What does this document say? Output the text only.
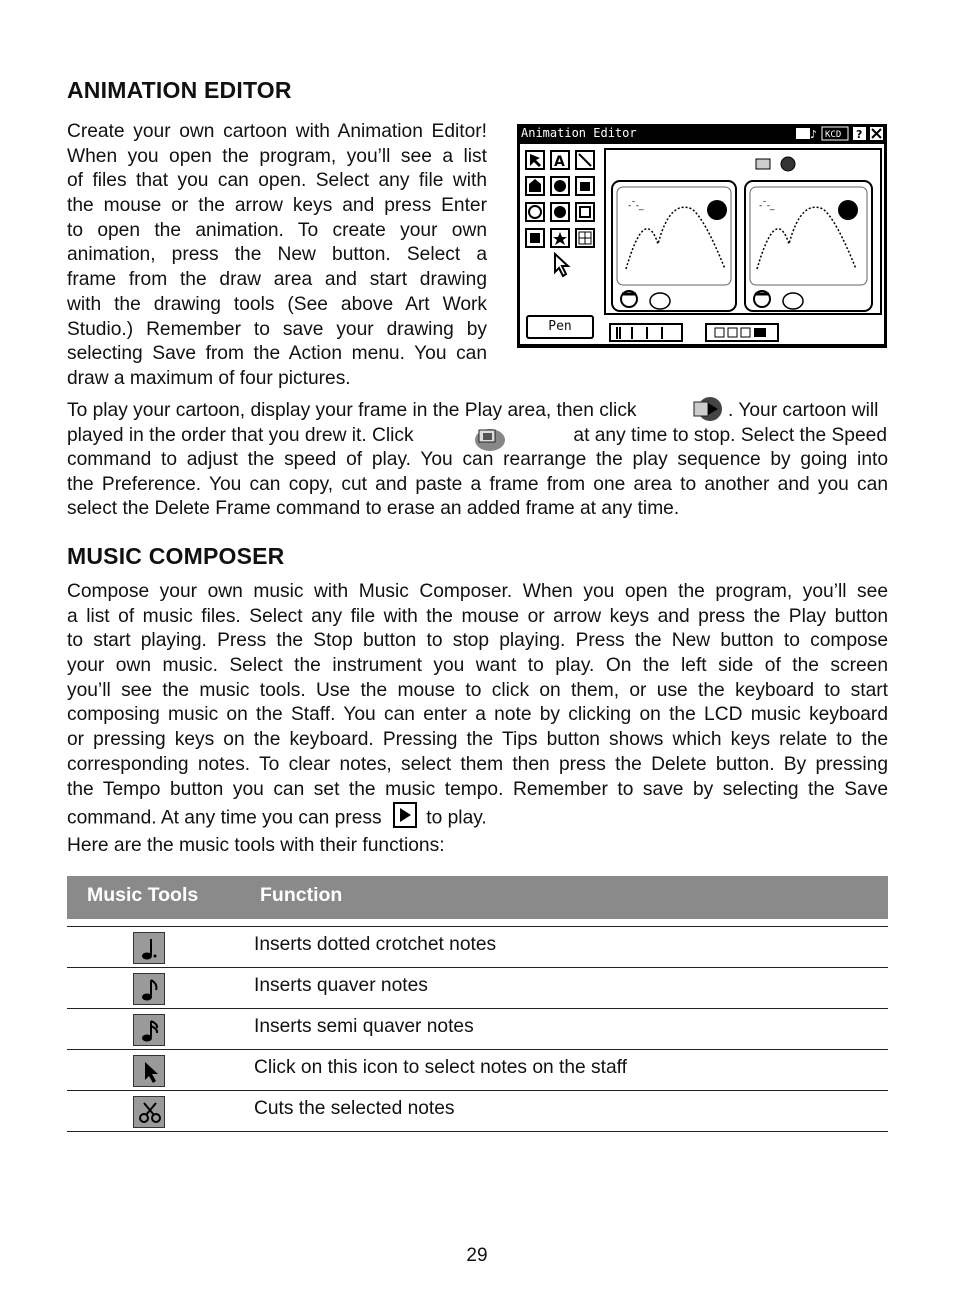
ANIMATION EDITOR
Create your own cartoon with Animation Editor!
When you open the program, you’ll see a list
of files that you can open. Select any file with
the mouse or the arrow keys and press Enter
to open the animation. To create your own
animation, press the New button. Select a
frame from the draw area and start drawing
with the drawing tools (See above Art Work
Studio.) Remember to save your drawing by
selecting Save from the Action menu. You can
draw a maximum of four pictures.
Animation Editor	♪ KCD ?
A
-˘-_	-˘-_
Pen
To play your cartoon, display your frame in the Play area, then click	. Your cartoon will
played in the order that you drew it. Click	at any time to stop. Select the Speed
command to adjust the speed of play. You can rearrange the play sequence by going into
the Preference. You can copy, cut and paste a frame from one area to another and you can
select the Delete Frame command to erase an added frame at any time.
MUSIC COMPOSER
Compose your own music with Music Composer. When you open the program, you’ll see
a list of music files. Select any file with the mouse or arrow keys and press the Play button
to start playing. Press the Stop button to stop playing. Press the New button to compose
your own music. Select the instrument you want to play. On the left side of the screen
you’ll see the music tools. Use the mouse to click on them, or use the keyboard to start
composing music on the Staff. You can enter a note by clicking on the LCD music keyboard
or pressing keys on the keyboard. Pressing the Tips button shows which keys relate to the
corresponding notes. To clear notes, select them then press the Delete button. By pressing
the Tempo button you can set the music tempo. Remember to save by selecting the Save
command. At any time you can press to play.
Here are the music tools with their functions:
Music Tools	Function
Inserts dotted crotchet notes
Inserts quaver notes
Inserts semi quaver notes
Click on this icon to select notes on the staff
Cuts the selected notes
29
